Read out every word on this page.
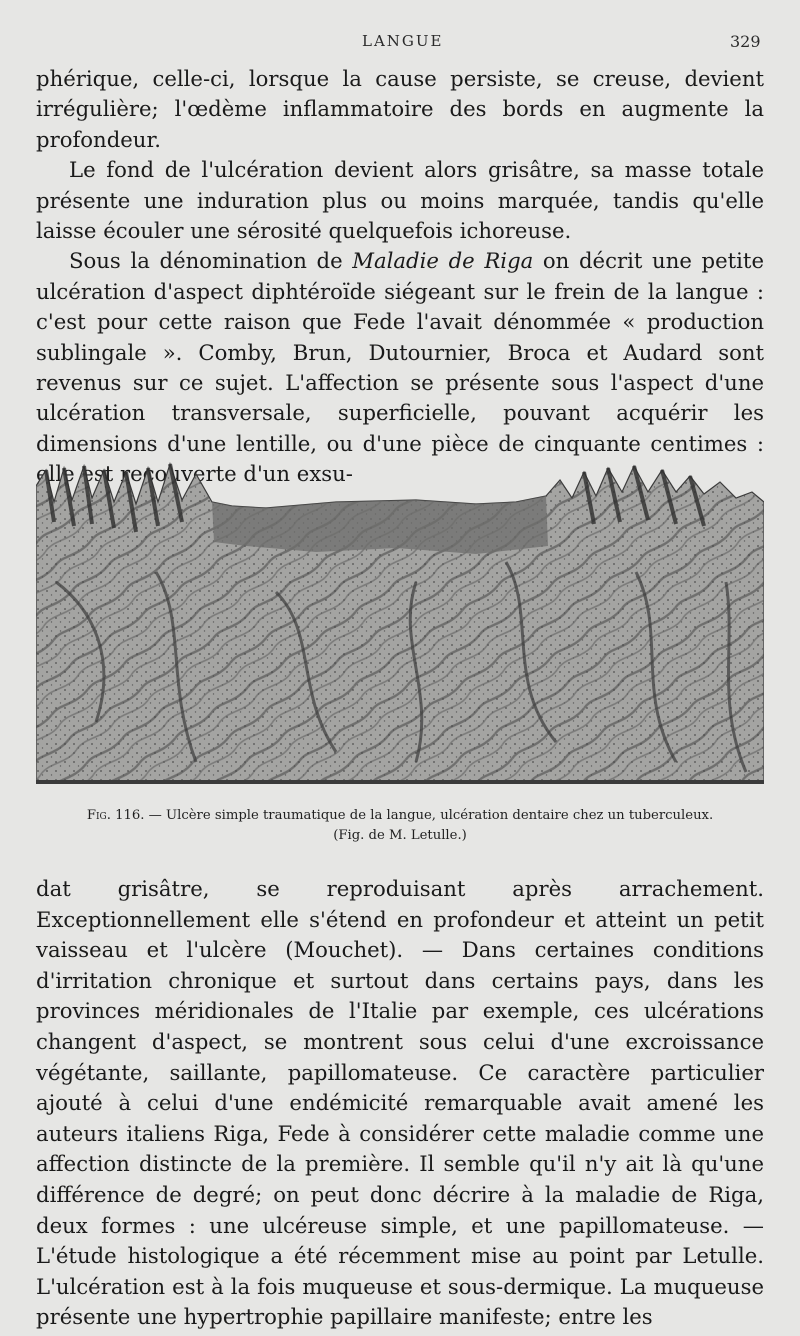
LANGUE	329

phérique, celle-ci, lorsque la cause persiste, se creuse, devient irrégulière; l'œdème inflammatoire des bords en augmente la profondeur.

Le fond de l'ulcération devient alors grisâtre, sa masse totale présente une induration plus ou moins marquée, tandis qu'elle laisse écouler une sérosité quelquefois ichoreuse.

Sous la dénomination de Maladie de Riga on décrit une petite ulcération d'aspect diphtéroïde siégeant sur le frein de la langue : c'est pour cette raison que Fede l'avait dénommée « production sublingale ». Comby, Brun, Dutournier, Broca et Audard sont revenus sur ce sujet. L'affection se présente sous l'aspect d'une ulcération transversale, superficielle, pouvant acquérir les dimensions d'une lentille, ou d'une pièce de cinquante centimes : elle est recouverte d'un exsu-

Fig. 116. — Ulcère simple traumatique de la langue, ulcération dentaire chez un tuberculeux.
(Fig. de M. Letulle.)

dat grisâtre, se reproduisant après arrachement. Exceptionnellement elle s'étend en profondeur et atteint un petit vaisseau et l'ulcère (Mouchet). — Dans certaines conditions d'irritation chronique et surtout dans certains pays, dans les provinces méridionales de l'Italie par exemple, ces ulcérations changent d'aspect, se montrent sous celui d'une excroissance végétante, saillante, papillomateuse. Ce caractère particulier ajouté à celui d'une endémicité remarquable avait amené les auteurs italiens Riga, Fede à considérer cette maladie comme une affection distincte de la première. Il semble qu'il n'y ait là qu'une différence de degré; on peut donc décrire à la maladie de Riga, deux formes : une ulcéreuse simple, et une papillomateuse. — L'étude histologique a été récemment mise au point par Letulle. L'ulcération est à la fois muqueuse et sous-dermique. La muqueuse présente une hypertrophie papillaire manifeste; entre les
